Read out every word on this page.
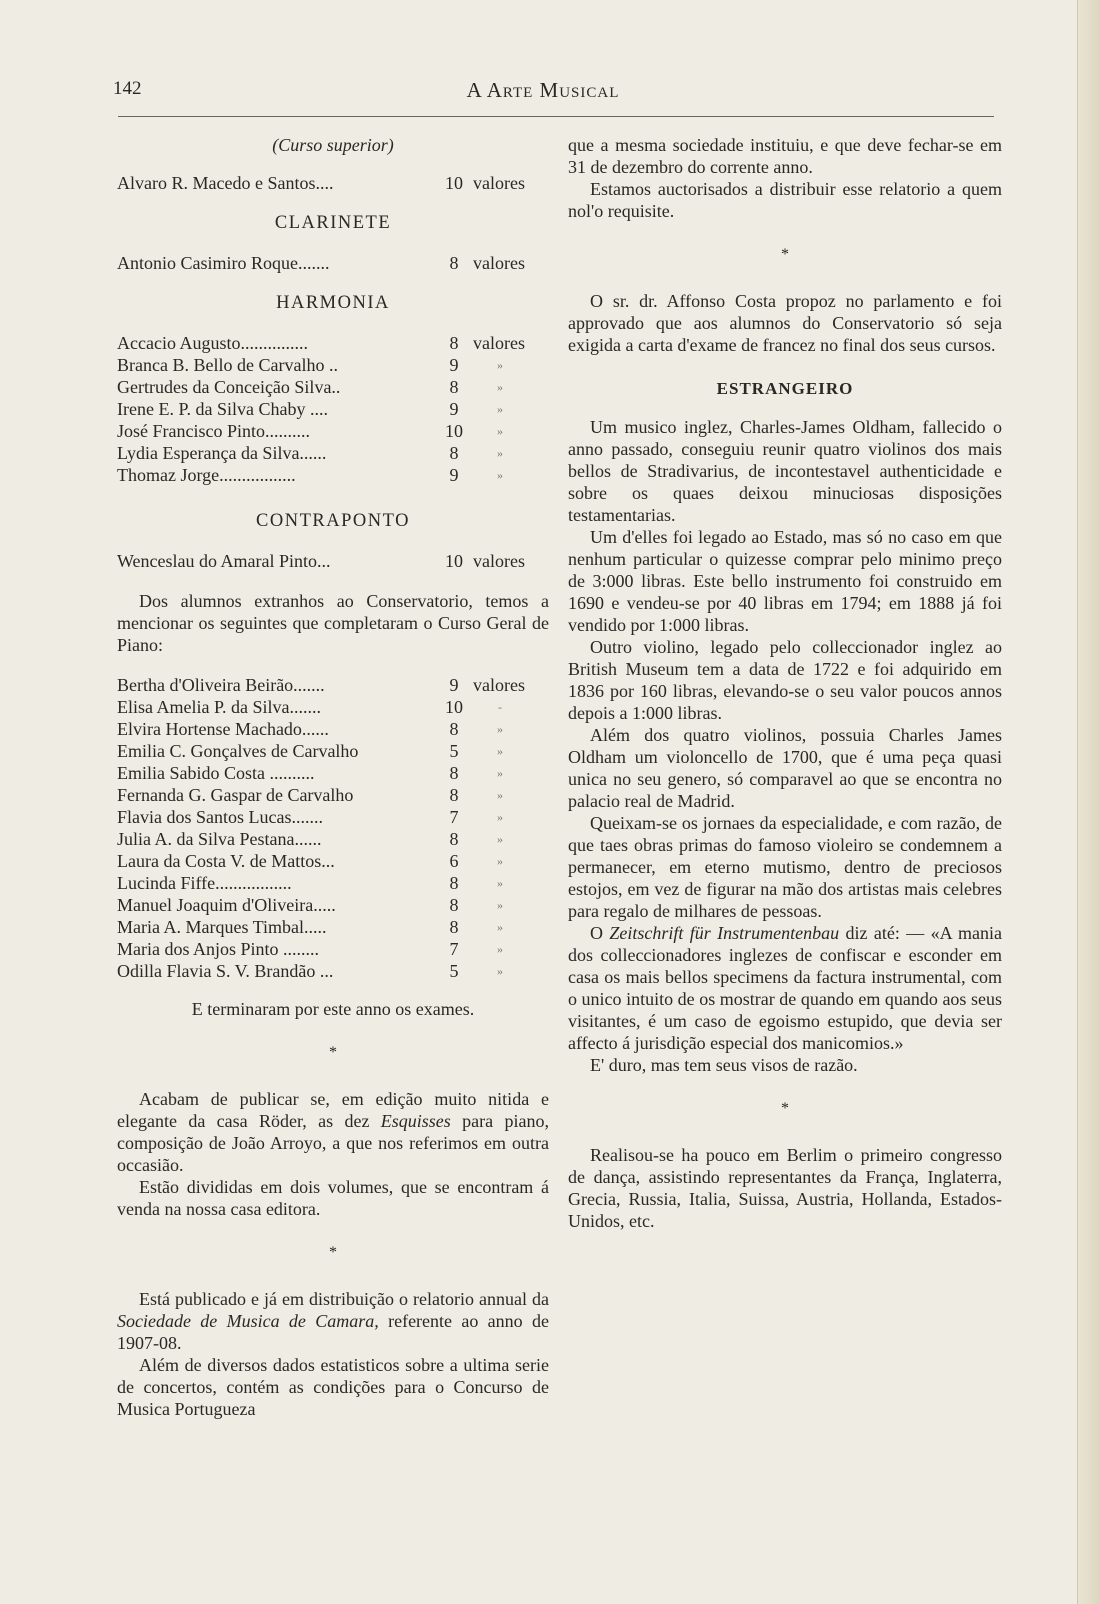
142	A Arte Musical
(Curso superior)
Alvaro R. Macedo e Santos....	10 valores
CLARINETE
Antonio Casimiro Roque.......	8 valores
HARMONIA
Accacio Augusto...............	8 valores
Branca B. Bello de Carvalho ..	9	»
Gertrudes da Conceição Silva..	8	»
Irene E. P. da Silva Chaby ....	9	»
José Francisco Pinto..........	10	»
Lydia Esperança da Silva......	8	»
Thomaz Jorge.................	9	»
CONTRAPONTO
Wenceslau do Amaral Pinto...	10 valores

Dos alumnos extranhos ao Conservatorio, temos a mencionar os seguintes que completaram o Curso Geral de Piano:

Bertha d'Oliveira Beirão.......	9 valores
Elisa Amelia P. da Silva.......	10	-
Elvira Hortense Machado......	8	»
Emilia C. Gonçalves de Carvalho	5	»
Emilia Sabido Costa ..........	8	»
Fernanda G. Gaspar de Carvalho	8	»
Flavia dos Santos Lucas.......	7	»
Julia A. da Silva Pestana......	8	»
Laura da Costa V. de Mattos...	6	»
Lucinda Fiffe.................	8	»
Manuel Joaquim d'Oliveira.....	8	»
Maria A. Marques Timbal.....	8	»
Maria dos Anjos Pinto ........	7	»
Odilla Flavia S. V. Brandão ...	5	»
E terminaram por este anno os exames.
*

Acabam de publicar se, em edição muito nitida e elegante da casa Röder, as dez Esquisses para piano, composição de João Arroyo, a que nos referimos em outra occasião.

Estão divididas em dois volumes, que se encontram á venda na nossa casa editora.

*

Está publicado e já em distribuição o relatorio annual da Sociedade de Musica de Camara, referente ao anno de 1907-08.

Além de diversos dados estatisticos sobre a ultima serie de concertos, contém as condições para o Concurso de Musica Portugueza

que a mesma sociedade instituiu, e que deve fechar-se em 31 de dezembro do corrente anno.

Estamos auctorisados a distribuir esse relatorio a quem nol'o requisite.

*

O sr. dr. Affonso Costa propoz no parlamento e foi approvado que aos alumnos do Conservatorio só seja exigida a carta d'exame de francez no final dos seus cursos.

ESTRANGEIRO

Um musico inglez, Charles-James Oldham, fallecido o anno passado, conseguiu reunir quatro violinos dos mais bellos de Stradivarius, de incontestavel authenticidade e sobre os quaes deixou minuciosas disposições testamentarias.

Um d'elles foi legado ao Estado, mas só no caso em que nenhum particular o quizesse comprar pelo minimo preço de 3:000 libras. Este bello instrumento foi construido em 1690 e vendeu-se por 40 libras em 1794; em 1888 já foi vendido por 1:000 libras.

Outro violino, legado pelo colleccionador inglez ao British Museum tem a data de 1722 e foi adquirido em 1836 por 160 libras, elevando-se o seu valor poucos annos depois a 1:000 libras.

Além dos quatro violinos, possuia Charles James Oldham um violoncello de 1700, que é uma peça quasi unica no seu genero, só comparavel ao que se encontra no palacio real de Madrid.

Queixam-se os jornaes da especialidade, e com razão, de que taes obras primas do famoso violeiro se condemnem a permanecer, em eterno mutismo, dentro de preciosos estojos, em vez de figurar na mão dos artistas mais celebres para regalo de milhares de pessoas.

O Zeitschrift für Instrumentenbau diz até: — «A mania dos colleccionadores inglezes de confiscar e esconder em casa os mais bellos specimens da factura instrumental, com o unico intuito de os mostrar de quando em quando aos seus visitantes, é um caso de egoismo estupido, que devia ser affecto á jurisdição especial dos manicomios.»

E' duro, mas tem seus visos de razão.

*

Realisou-se ha pouco em Berlim o primeiro congresso de dança, assistindo representantes da França, Inglaterra, Grecia, Russia, Italia, Suissa, Austria, Hollanda, Estados-Unidos, etc.
